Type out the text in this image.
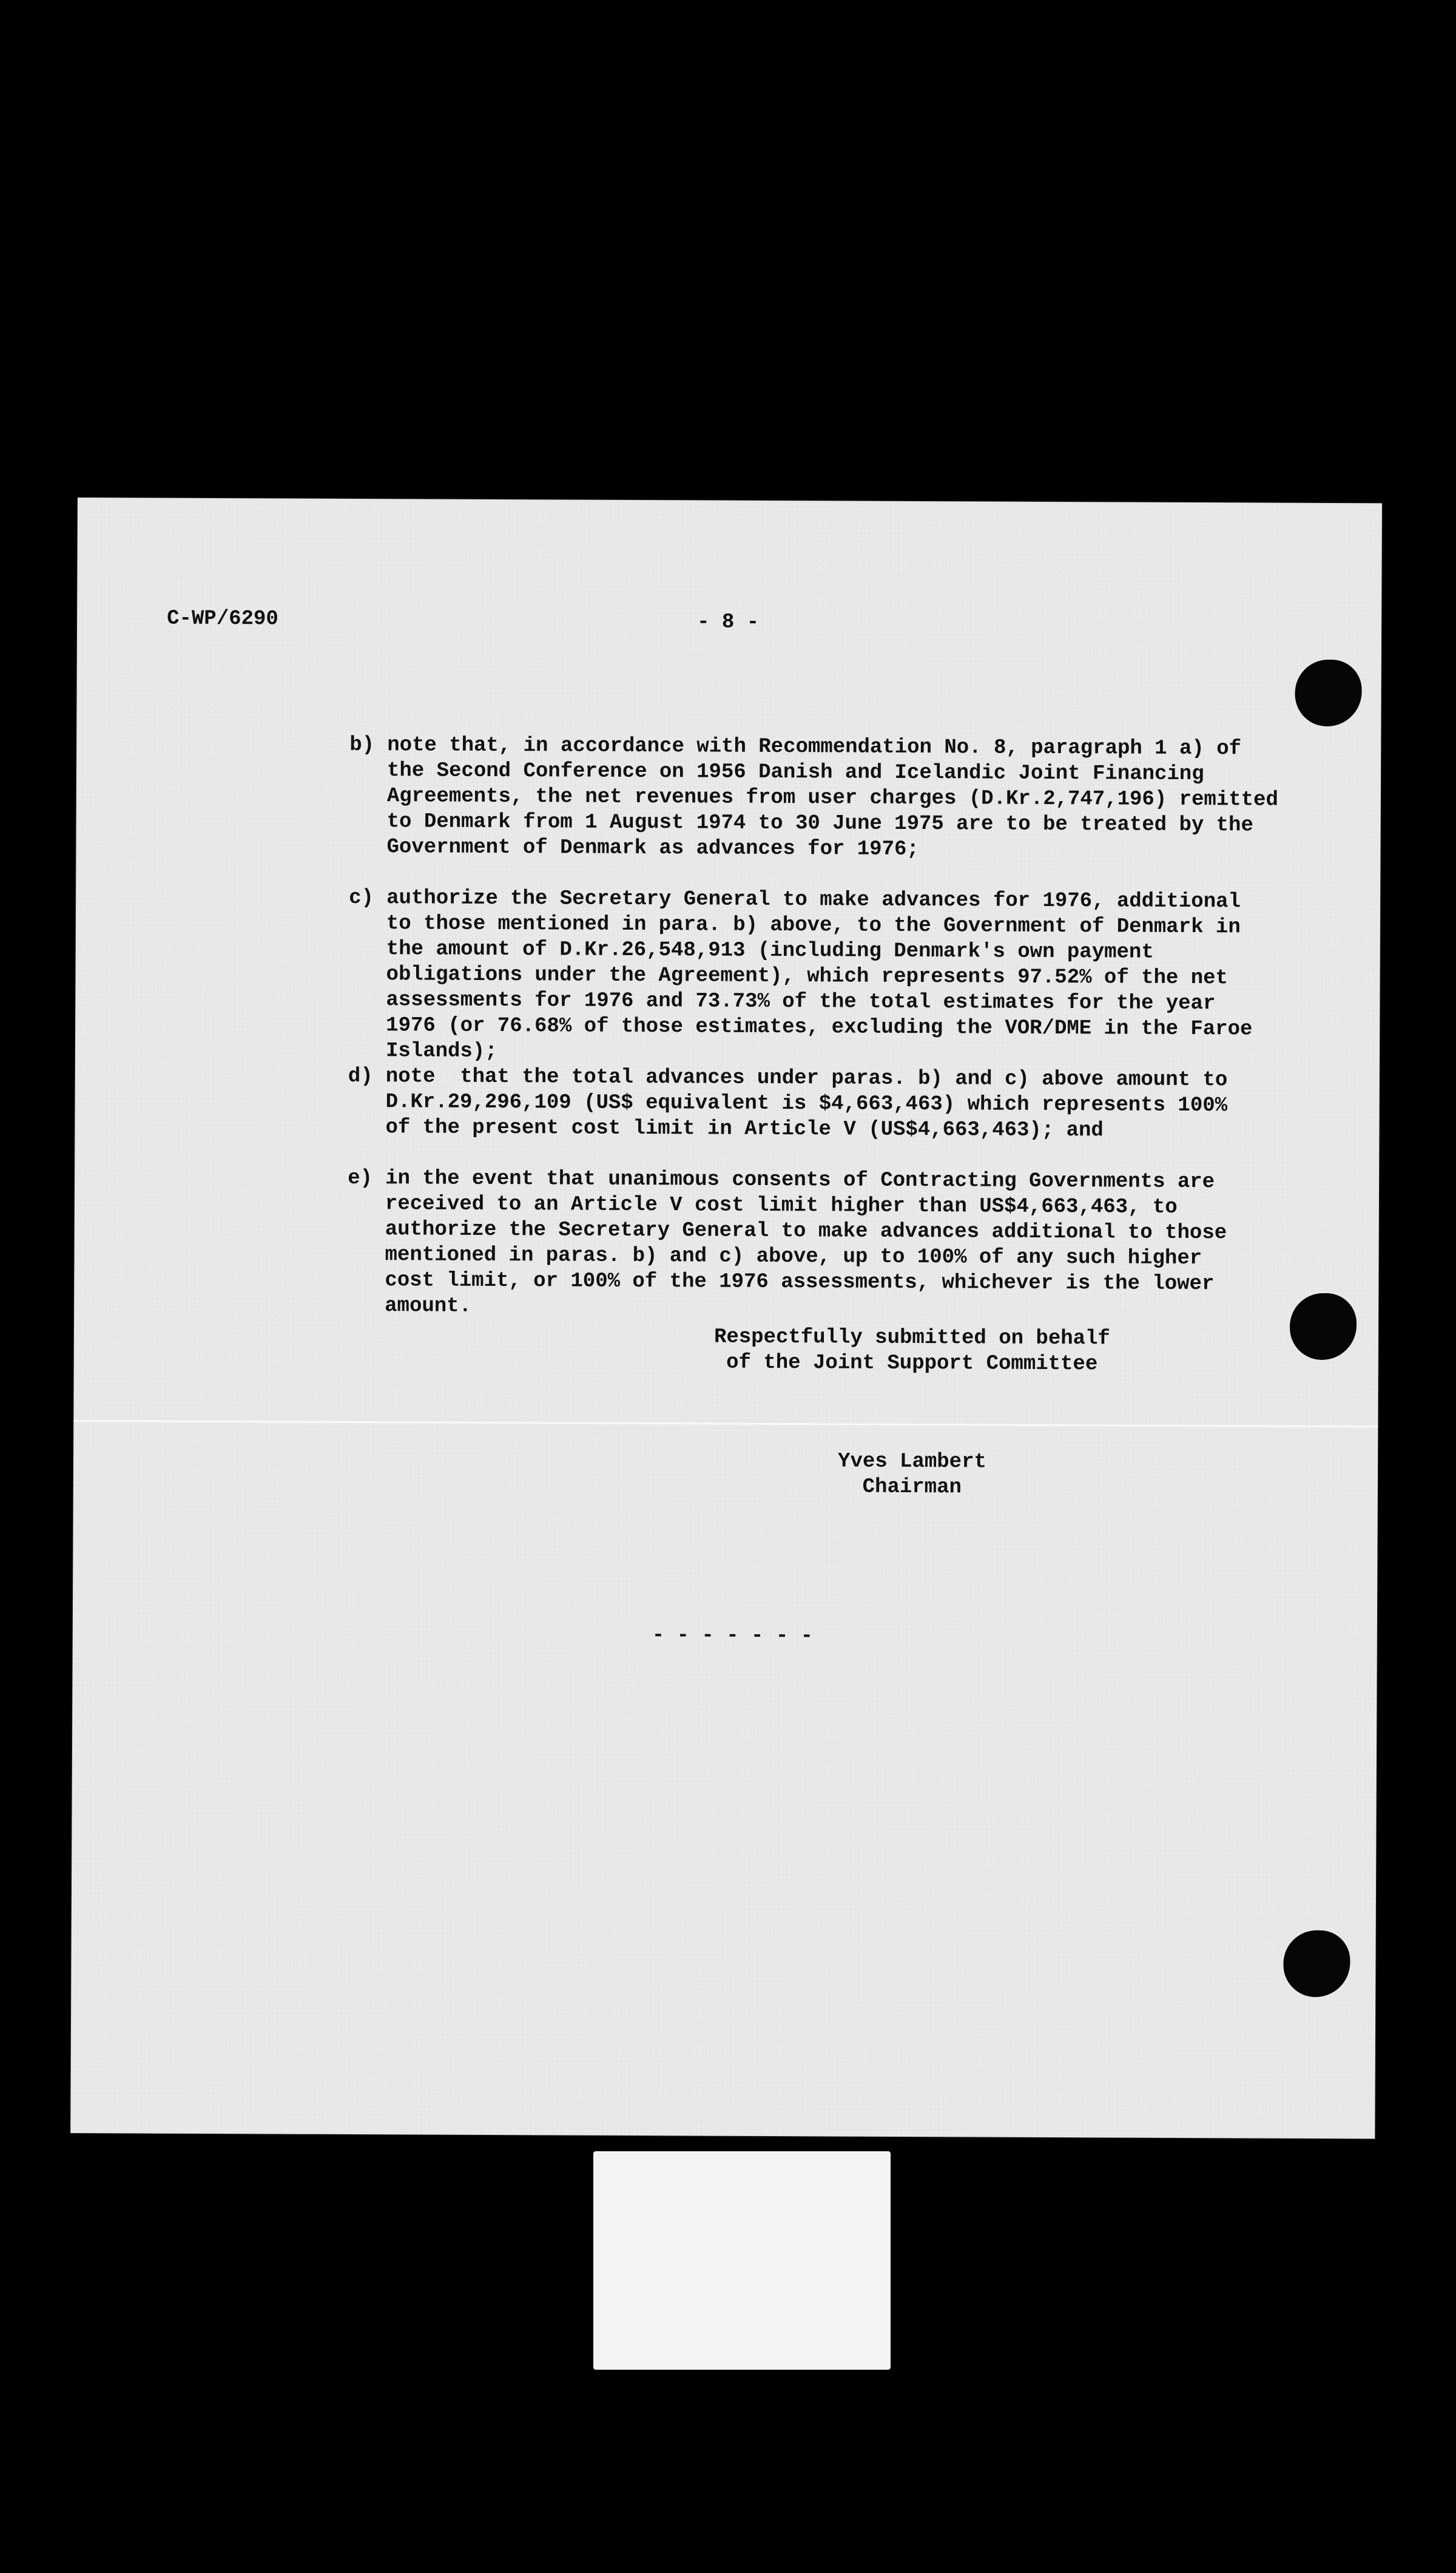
C-WP/6290	- 8 -

b) note that, in accordance with Recommendation No. 8, paragraph 1 a) of

the Second Conference on 1956 Danish and Icelandic Joint Financing

Agreements, the net revenues from user charges (D.Kr.2,747,196) remitted

to Denmark from 1 August 1974 to 30 June 1975 are to be treated by the

Government of Denmark as advances for 1976;

c) authorize the Secretary General to make advances for 1976, additional

to those mentioned in para. b) above, to the Government of Denmark in

the amount of D.Kr.26,548,913 (including Denmark's own payment

obligations under the Agreement), which represents 97.52% of the net

assessments for 1976 and 73.73% of the total estimates for the year

1976 (or 76.68% of those estimates, excluding the VOR/DME in the Faroe

Islands);

d) note  that the total advances under paras. b) and c) above amount to

D.Kr.29,296,109 (US$ equivalent is $4,663,463) which represents 100%

of the present cost limit in Article V (US$4,663,463); and

e) in the event that unanimous consents of Contracting Governments are

received to an Article V cost limit higher than US$4,663,463, to

authorize the Secretary General to make advances additional to those

mentioned in paras. b) and c) above, up to 100% of any such higher

cost limit, or 100% of the 1976 assessments, whichever is the lower

amount.

Respectfully submitted on behalf

of the Joint Support Committee

Yves Lambert

Chairman

- - - - - - -
